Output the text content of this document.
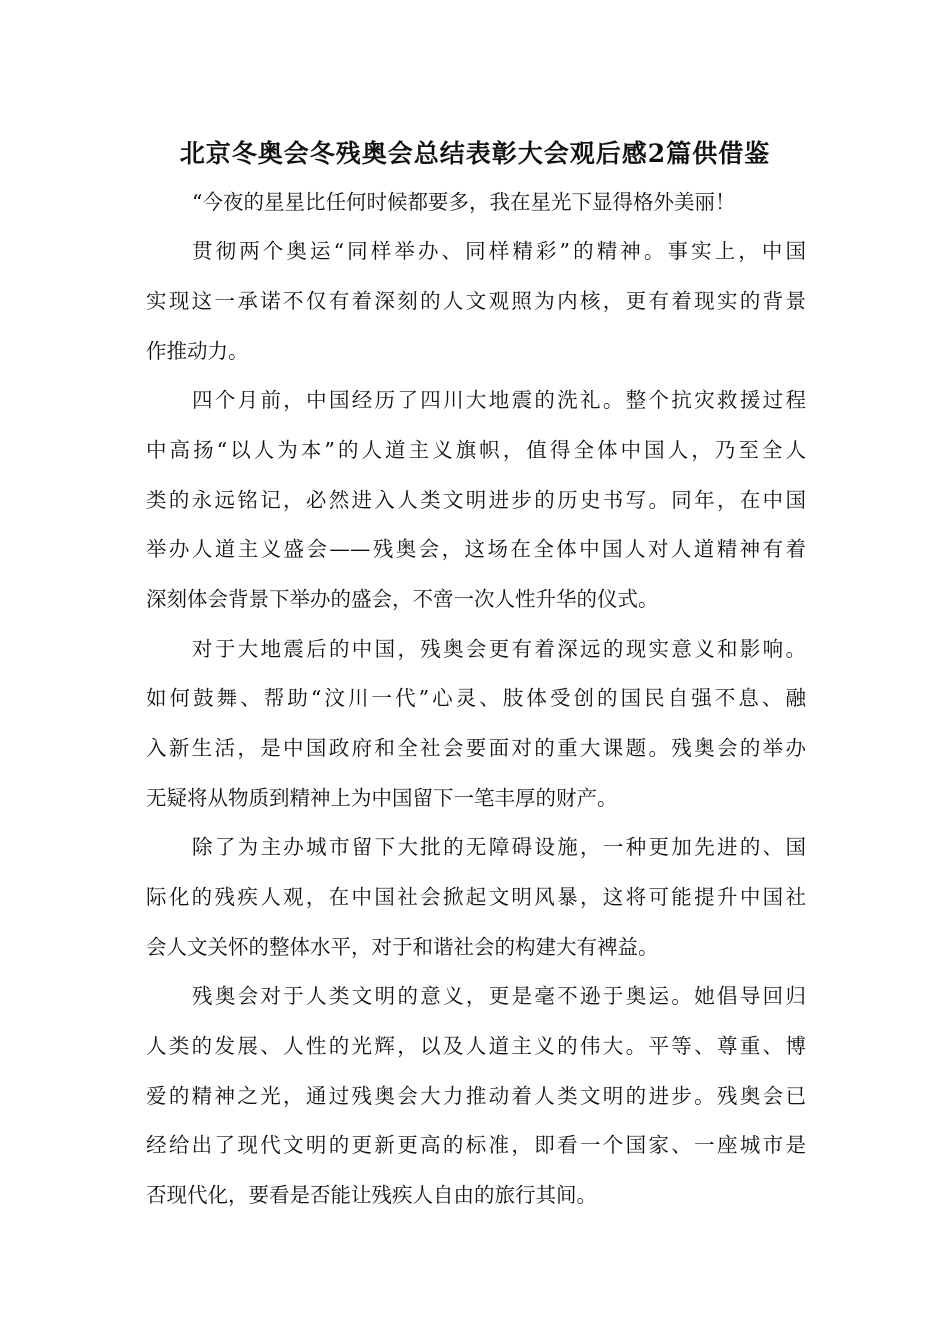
北京冬奥会冬残奥会总结表彰大会观后感2篇供借鉴

“今夜的星星比任何时候都要多，我在星光下显得格外美丽！

贯彻两个奥运“同样举办、同样精彩”的精神。事实上，中国

实现这一承诺不仅有着深刻的人文观照为内核，更有着现实的背景

作推动力。

四个月前，中国经历了四川大地震的洗礼。整个抗灾救援过程

中高扬“以人为本”的人道主义旗帜，值得全体中国人，乃至全人

类的永远铭记，必然进入人类文明进步的历史书写。同年，在中国

举办人道主义盛会——残奥会，这场在全体中国人对人道精神有着

深刻体会背景下举办的盛会，不啻一次人性升华的仪式。

对于大地震后的中国，残奥会更有着深远的现实意义和影响。

如何鼓舞、帮助“汶川一代”心灵、肢体受创的国民自强不息、融

入新生活，是中国政府和全社会要面对的重大课题。残奥会的举办

无疑将从物质到精神上为中国留下一笔丰厚的财产。

除了为主办城市留下大批的无障碍设施，一种更加先进的、国

际化的残疾人观，在中国社会掀起文明风暴，这将可能提升中国社

会人文关怀的整体水平，对于和谐社会的构建大有裨益。

残奥会对于人类文明的意义，更是毫不逊于奥运。她倡导回归

人类的发展、人性的光辉，以及人道主义的伟大。平等、尊重、博

爱的精神之光，通过残奥会大力推动着人类文明的进步。残奥会已

经给出了现代文明的更新更高的标准，即看一个国家、一座城市是

否现代化，要看是否能让残疾人自由的旅行其间。
